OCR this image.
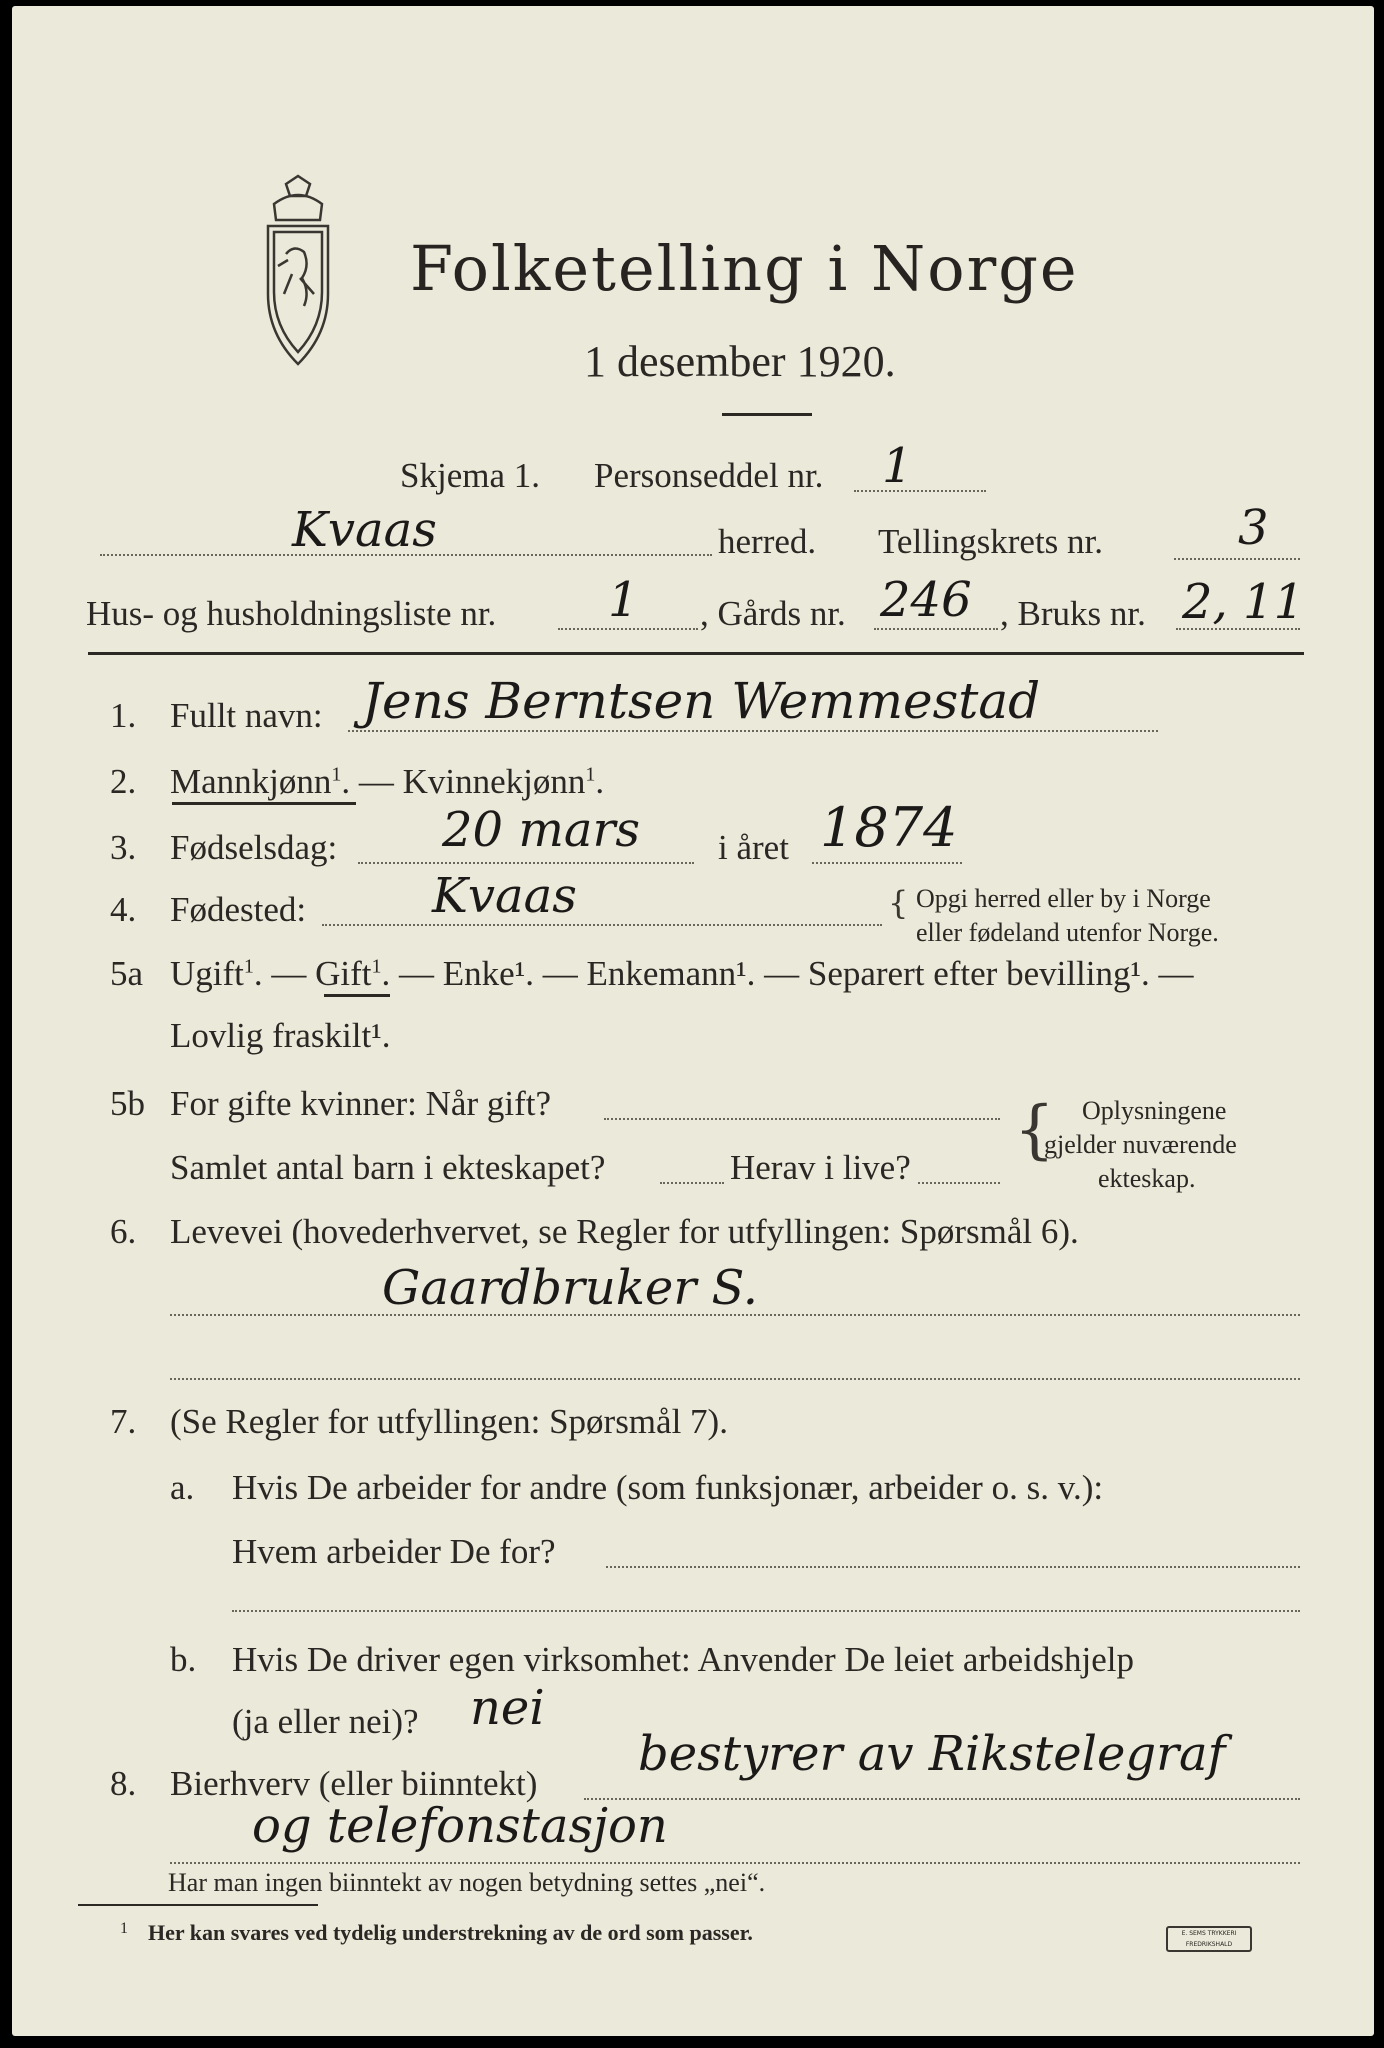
Folketelling i Norge
1 desember 1920.
Skjema 1. Personseddel nr. 1
Kvaas	herred. Tellingskrets nr.	3
Hus- og husholdningsliste nr. 1 , Gårds nr. 246 , Bruks nr. 2, 11
1. Fullt navn: Jens Berntsen Wemmestad
2. Mannkjønn$^1$. — Kvinnekjønn$^1$.
3. Fødselsdag: 20 mars i året 1874
4. Fødested:	Kvaas	{ Opgi herred eller by i Norge
eller fødeland utenfor Norge.
5a Ugift$^1$. — Gift$^1$. — Enke¹. — Enkemann¹. — Separert efter bevilling¹. —
Lovlig fraskilt¹.
5b For gifte kvinner: Når gift?
Samlet antal barn i ekteskapet?	Herav i live?
{ Oplysningene
gjelder nuværende
ekteskap.
6. Levevei (hovederhvervet, se Regler for utfyllingen: Spørsmål 6).
Gaardbruker S.
7. (Se Regler for utfyllingen: Spørsmål 7).
a. Hvis De arbeider for andre (som funksjonær, arbeider o. s. v.):
Hvem arbeider De for?
b. Hvis De driver egen virksomhet: Anvender De leiet arbeidshjelp
(ja eller nei)? nei
8. Bierhverv (eller biinntekt)
bestyrer av Rikstelegraf
og telefonstasjon
Har man ingen biinntekt av nogen betydning settes „nei“.
1 Her kan svares ved tydelig understrekning av de ord som passer.	E. SEMS TRYKKERI FREDRIKSHALD
